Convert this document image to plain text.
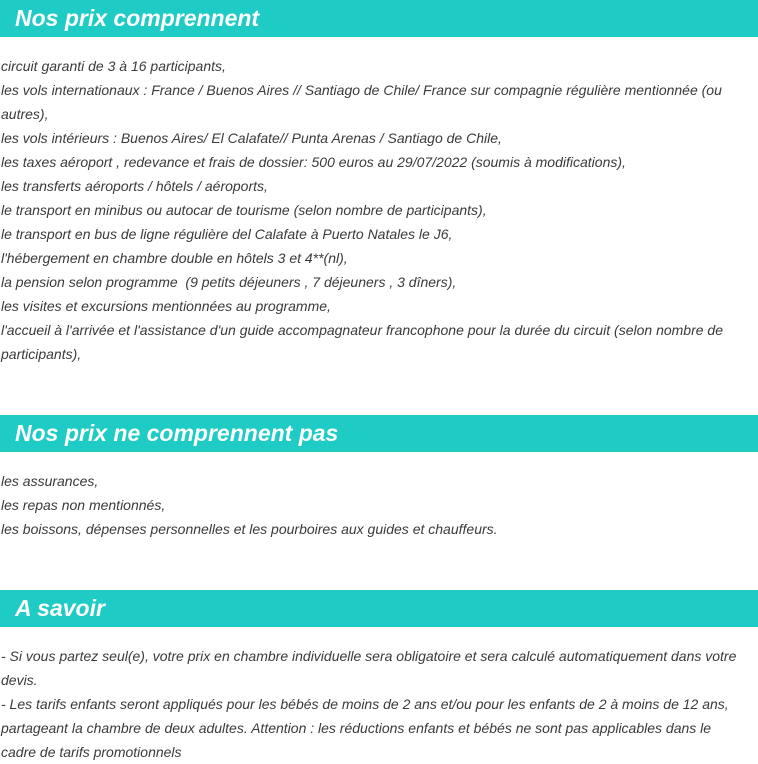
Nos prix comprennent
circuit garanti de 3 à 16 participants,
les vols internationaux : France / Buenos Aires // Santiago de Chile/ France sur compagnie régulière mentionnée (ou autres),
les vols intérieurs : Buenos Aires/ El Calafate// Punta Arenas / Santiago de Chile,
les taxes aéroport , redevance et frais de dossier: 500 euros au 29/07/2022 (soumis à modifications),
les transferts aéroports / hôtels / aéroports,
le transport en minibus ou autocar de tourisme (selon nombre de participants),
le transport en bus de ligne régulière del Calafate à Puerto Natales le J6,
l'hébergement en chambre double en hôtels 3 et 4**(nl),
la pension selon programme  (9 petits déjeuners , 7 déjeuners , 3 dîners),
les visites et excursions mentionnées au programme,
l'accueil à l'arrivée et l'assistance d'un guide accompagnateur francophone pour la durée du circuit (selon nombre de participants),
Nos prix ne comprennent pas
les assurances,
les repas non mentionnés,
les boissons, dépenses personnelles et les pourboires aux guides et chauffeurs.
A savoir
- Si vous partez seul(e), votre prix en chambre individuelle sera obligatoire et sera calculé automatiquement dans votre devis.
- Les tarifs enfants seront appliqués pour les bébés de moins de 2 ans et/ou pour les enfants de 2 à moins de 12 ans, partageant la chambre de deux adultes. Attention : les réductions enfants et bébés ne sont pas applicables dans le cadre de tarifs promotionnels
